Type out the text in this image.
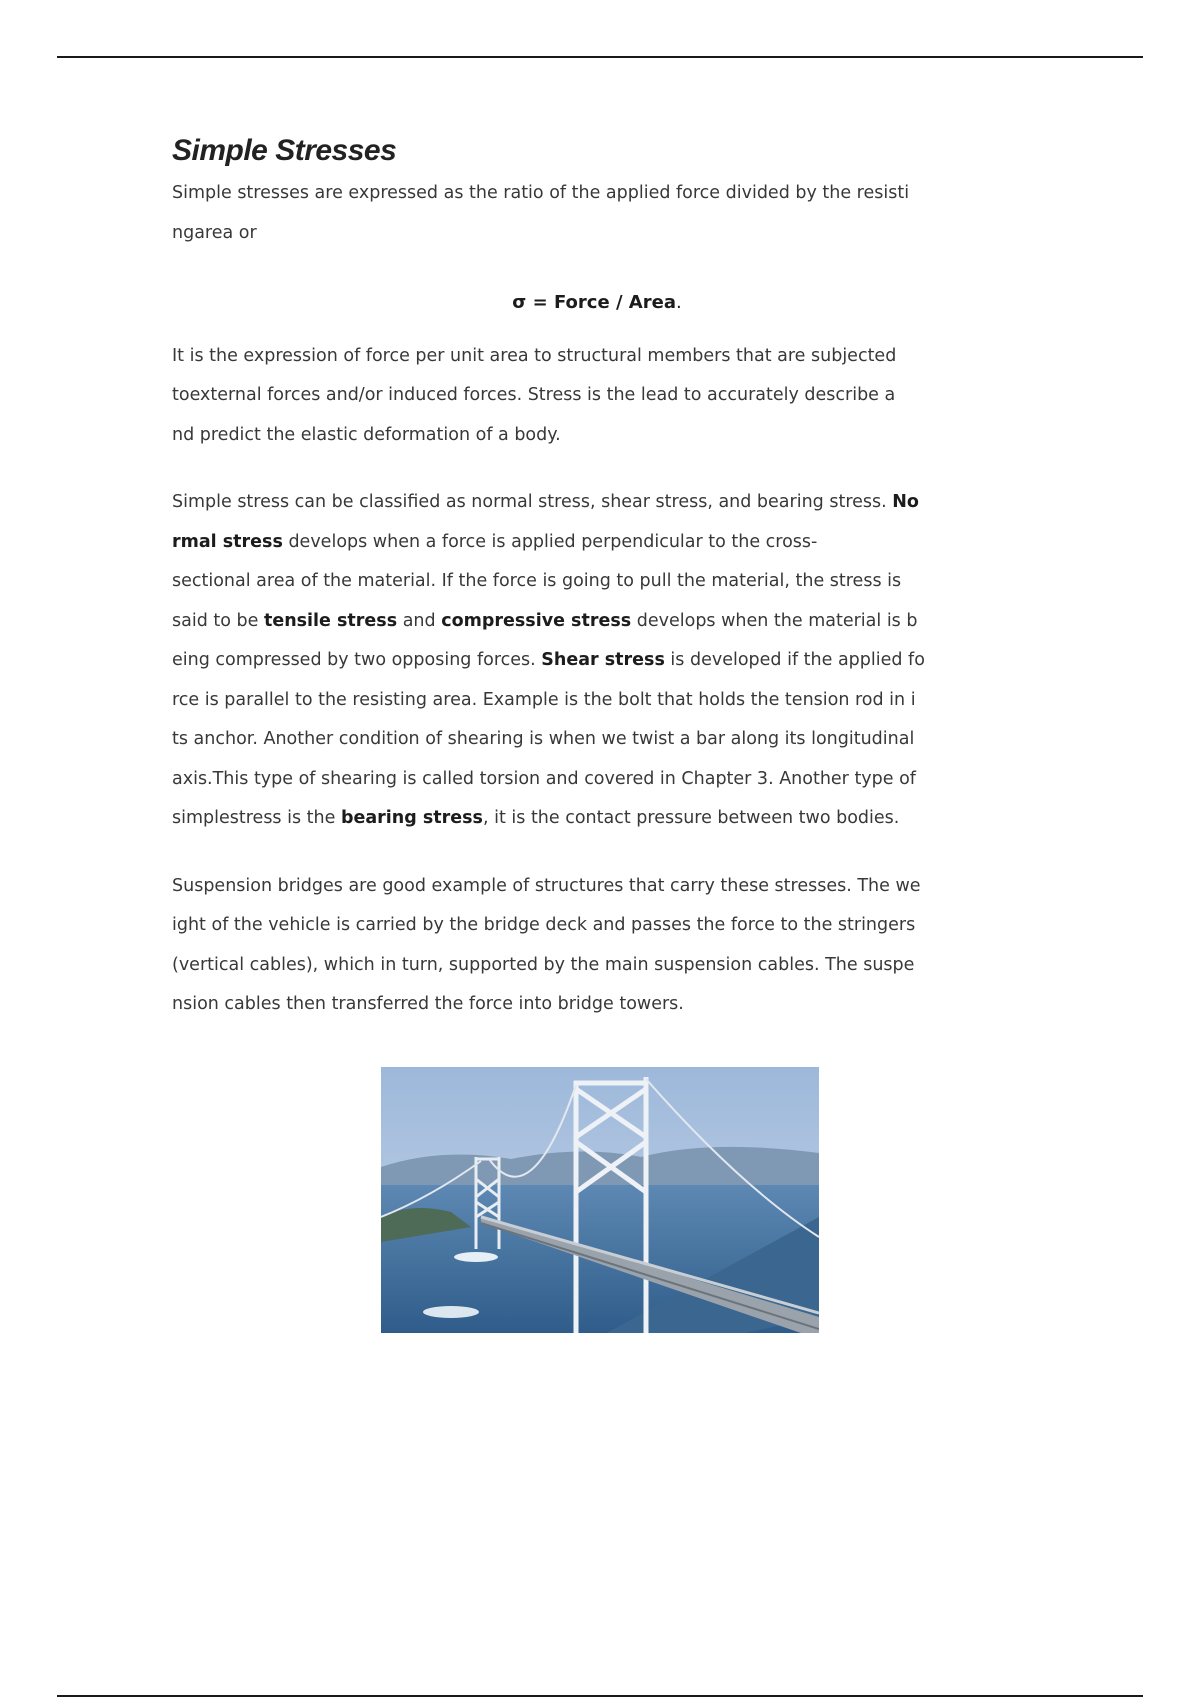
Simple Stresses

Simple stresses are expressed as the ratio of the applied force divided by the resisti
ngarea or

σ = Force / Area.

It is the expression of force per unit area to structural members that are subjected
toexternal forces and/or induced forces. Stress is the lead to accurately describe a
nd predict the elastic deformation of a body.

Simple stress can be classified as normal stress, shear stress, and bearing stress. No
rmal stress develops when a force is applied perpendicular to the cross-
sectional area of the material. If the force is going to pull the material, the stress is
said to be tensile stress and compressive stress develops when the material is b
eing compressed by two opposing forces. Shear stress is developed if the applied fo
rce is parallel to the resisting area. Example is the bolt that holds the tension rod in i
ts anchor. Another condition of shearing is when we twist a bar along its longitudinal
axis.This type of shearing is called torsion and covered in Chapter 3. Another type of
simplestress is the bearing stress, it is the contact pressure between two bodies.

Suspension bridges are good example of structures that carry these stresses. The we
ight of the vehicle is carried by the bridge deck and passes the force to the stringers
(vertical cables), which in turn, supported by the main suspension cables. The suspe
nsion cables then transferred the force into bridge towers.
